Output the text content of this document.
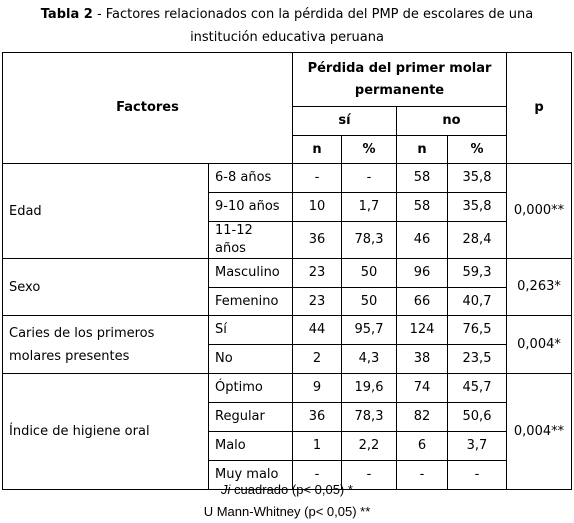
Tabla 2 - Factores relacionados con la pérdida del PMP de escolares de una
institución educativa peruana
Factores		Pérdida del primer molar permanente				p
		sí		no		
		n	%	n	%	
Edad	6-8 años	-	-	58	35,8	0,000**
	9-10 años	10	1,7	58	35,8	
	11-12 años	36	78,3	46	28,4	
Sexo	Masculino	23	50	96	59,3	0,263*
	Femenino	23	50	66	40,7	
Caries de los primeros molares presentes	Sí	44	95,7	124	76,5	0,004*
	No	2	4,3	38	23,5	
Índice de higiene oral	Óptimo	9	19,6	74	45,7	0,004**
	Regular	36	78,3	82	50,6	
	Malo	1	2,2	6	3,7	
	Muy malo	-	-	-	-	
Ji cuadrado (p< 0,05) *
U Mann-Whitney (p< 0,05) **
